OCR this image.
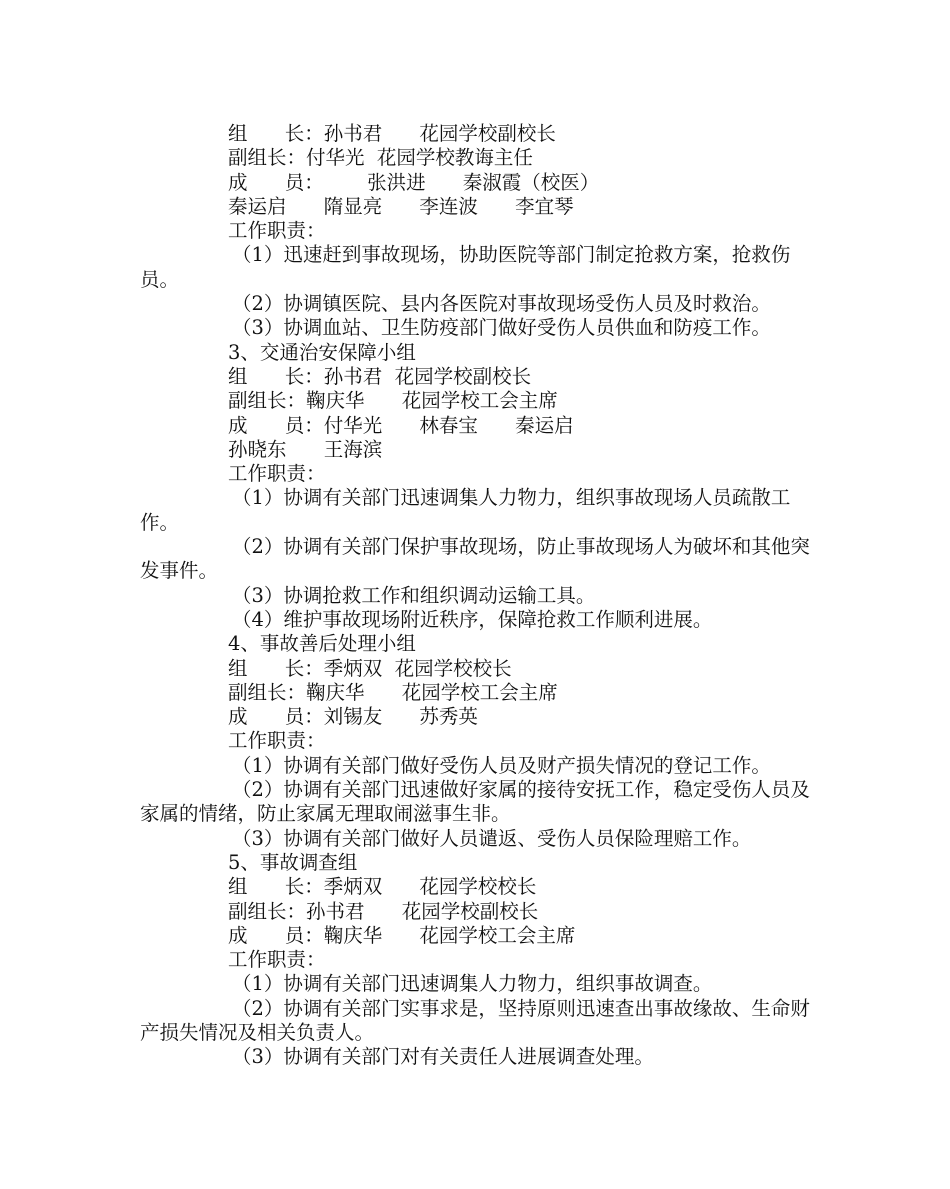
组      长：孙书君      花园学校副校长
副组长：付华光  花园学校教诲主任
成      员：       张洪进      秦淑霞（校医）
秦运启      隋显亮      李连波      李宜琴
工作职责：
（1）迅速赶到事故现场，协助医院等部门制定抢救方案，抢救伤员。
（2）协调镇医院、县内各医院对事故现场受伤人员及时救治。
（3）协调血站、卫生防疫部门做好受伤人员供血和防疫工作。
3、交通治安保障小组
组      长：孙书君  花园学校副校长
副组长：鞠庆华      花园学校工会主席
成      员：付华光      林春宝      秦运启
孙晓东      王海滨
工作职责：
（1）协调有关部门迅速调集人力物力，组织事故现场人员疏散工作。
（2）协调有关部门保护事故现场，防止事故现场人为破坏和其他突发事件。
（3）协调抢救工作和组织调动运输工具。
（4）维护事故现场附近秩序，保障抢救工作顺利进展。
4、事故善后处理小组
组      长：季炳双  花园学校校长
副组长：鞠庆华      花园学校工会主席
成      员：刘锡友      苏秀英
工作职责：
（1）协调有关部门做好受伤人员及财产损失情况的登记工作。
（2）协调有关部门迅速做好家属的接待安抚工作，稳定受伤人员及家属的情绪，防止家属无理取闹滋事生非。
（3）协调有关部门做好人员谴返、受伤人员保险理赔工作。
5、事故调查组
组      长：季炳双      花园学校校长
副组长：孙书君      花园学校副校长
成      员：鞠庆华      花园学校工会主席
工作职责：
（1）协调有关部门迅速调集人力物力，组织事故调查。
（2）协调有关部门实事求是，坚持原则迅速查出事故缘故、生命财产损失情况及相关负责人。
（3）协调有关部门对有关责任人进展调查处理。
